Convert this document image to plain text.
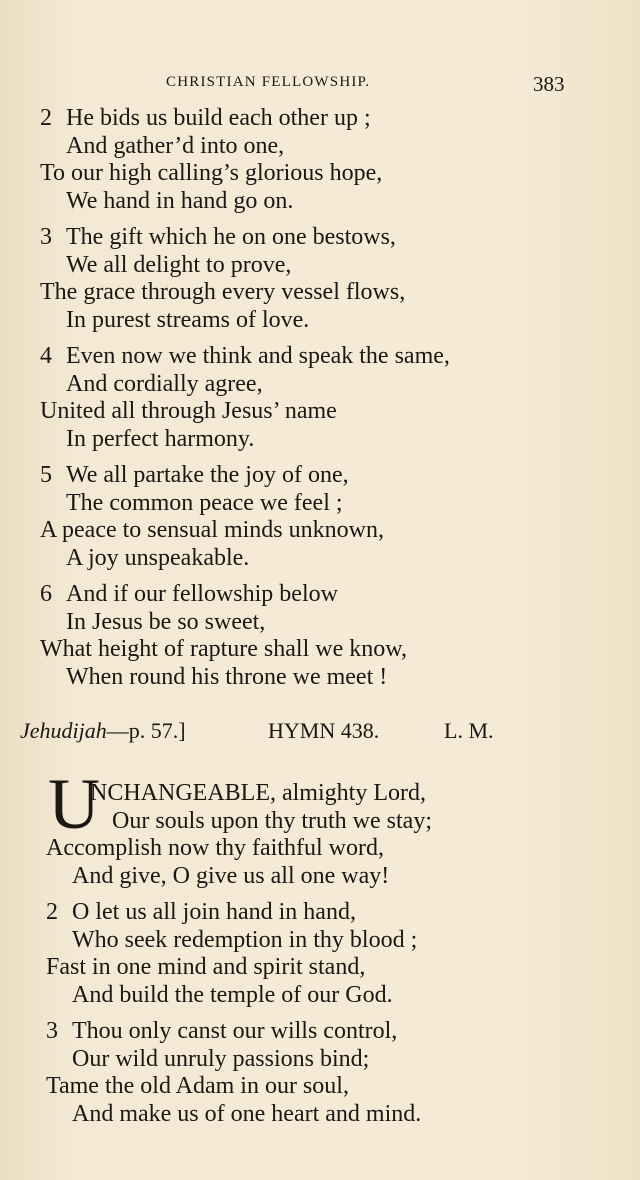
CHRISTIAN FELLOWSHIP.	383
2 He bids us build each other up ;
And gather’d into one,
To our high calling’s glorious hope,
We hand in hand go on.
3 The gift which he on one bestows,
We all delight to prove,
The grace through every vessel flows,
In purest streams of love.
4 Even now we think and speak the same,
And cordially agree,
United all through Jesus’ name
In perfect harmony.
5 We all partake the joy of one,
The common peace we feel ;
A peace to sensual minds unknown,
A joy unspeakable.
6 And if our fellowship below
In Jesus be so sweet,
What height of rapture shall we know,
When round his throne we meet !
Jehudijah—p. 57.]	HYMN 438.	L. M.
U
NCHANGEABLE, almighty Lord,
Our souls upon thy truth we stay;
Accomplish now thy faithful word,
And give, O give us all one way!
2 O let us all join hand in hand,
Who seek redemption in thy blood ;
Fast in one mind and spirit stand,
And build the temple of our God.
3 Thou only canst our wills control,
Our wild unruly passions bind;
Tame the old Adam in our soul,
And make us of one heart and mind.
